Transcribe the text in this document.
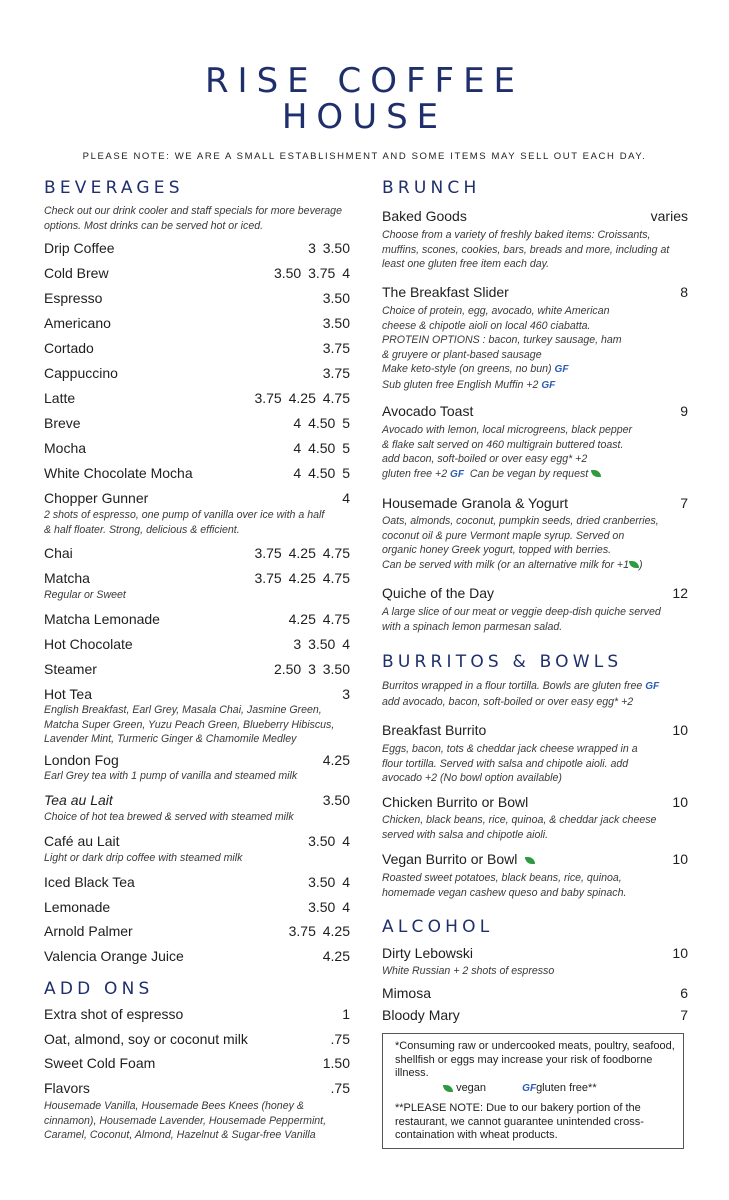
RISE COFFEE
HOUSE
PLEASE NOTE: WE ARE A SMALL ESTABLISHMENT AND SOME ITEMS MAY SELL OUT EACH DAY.
BEVERAGES
Check out our drink cooler and staff specials for more beverage options. Most drinks can be served hot or iced.
Drip Coffee	3 3.50
Cold Brew	3.50 3.75 4
Espresso	3.50
Americano	3.50
Cortado	3.75
Cappuccino	3.75
Latte	3.75 4.25 4.75
Breve	4 4.50 5
Mocha	4 4.50 5
White Chocolate Mocha	4 4.50 5
Chopper Gunner	4
2 shots of espresso, one pump of vanilla over ice with a half & half floater. Strong, delicious & efficient.
Chai	3.75 4.25 4.75
Matcha	3.75 4.25 4.75
Regular or Sweet
Matcha Lemonade	4.25 4.75
Hot Chocolate	3 3.50 4
Steamer	2.50 3 3.50
Hot Tea	3
English Breakfast, Earl Grey, Masala Chai, Jasmine Green, Matcha Super Green, Yuzu Peach Green, Blueberry Hibiscus, Lavender Mint, Turmeric Ginger & Chamomile Medley
London Fog	4.25
Earl Grey tea with 1 pump of vanilla and steamed milk
Tea au Lait	3.50
Choice of hot tea brewed & served with steamed milk
Café au Lait	3.50 4
Light or dark drip coffee with steamed milk
Iced Black Tea	3.50 4
Lemonade	3.50 4
Arnold Palmer	3.75 4.25
Valencia Orange Juice	4.25
ADD ONS
Extra shot of espresso	1
Oat, almond, soy or coconut milk	.75
Sweet Cold Foam	1.50
Flavors	.75
Housemade Vanilla, Housemade Bees Knees (honey & cinnamon), Housemade Lavender, Housemade Peppermint, Caramel, Coconut, Almond, Hazelnut & Sugar-free Vanilla
BRUNCH
Baked Goods	varies
Choose from a variety of freshly baked items: Croissants, muffins, scones, cookies, bars, breads and more, including at least one gluten free item each day.
The Breakfast Slider	8
Choice of protein, egg, avocado, white American
cheese & chipotle aioli on local 460 ciabatta.
PROTEIN OPTIONS : bacon, turkey sausage, ham
& gruyere or plant-based sausage
Make keto-style (on greens, no bun) GF
Sub gluten free English Muffin +2 GF
Avocado Toast	9
Avocado with lemon, local microgreens, black pepper
& flake salt served on 460 multigrain buttered toast.
add bacon, soft-boiled or over easy egg* +2
gluten free +2 GF Can be vegan by request
Housemade Granola & Yogurt	7
Oats, almonds, coconut, pumpkin seeds, dried cranberries,
coconut oil & pure Vermont maple syrup. Served on
organic honey Greek yogurt, topped with berries.
Can be served with milk (or an alternative milk for +1 )
Quiche of the Day	12
A large slice of our meat or veggie deep-dish quiche served with a spinach lemon parmesan salad.
BURRITOS & BOWLS
Burritos wrapped in a flour tortilla. Bowls are gluten free GF
add avocado, bacon, soft-boiled or over easy egg* +2
Breakfast Burrito	10
Eggs, bacon, tots & cheddar jack cheese wrapped in a flour tortilla. Served with salsa and chipotle aioli. add avocado +2 (No bowl option available)
Chicken Burrito or Bowl	10
Chicken, black beans, rice, quinoa, & cheddar jack cheese served with salsa and chipotle aioli.
Vegan Burrito or Bowl	10
Roasted sweet potatoes, black beans, rice, quinoa, homemade vegan cashew queso and baby spinach.
ALCOHOL
Dirty Lebowski	10
White Russian + 2 shots of espresso
Mimosa	6
Bloody Mary	7
*Consuming raw or undercooked meats, poultry, seafood, shellfish or eggs may increase your risk of foodborne illness.
vegan	GFgluten free**
**PLEASE NOTE: Due to our bakery portion of the restaurant, we cannot guarantee unintended cross-containation with wheat products.
